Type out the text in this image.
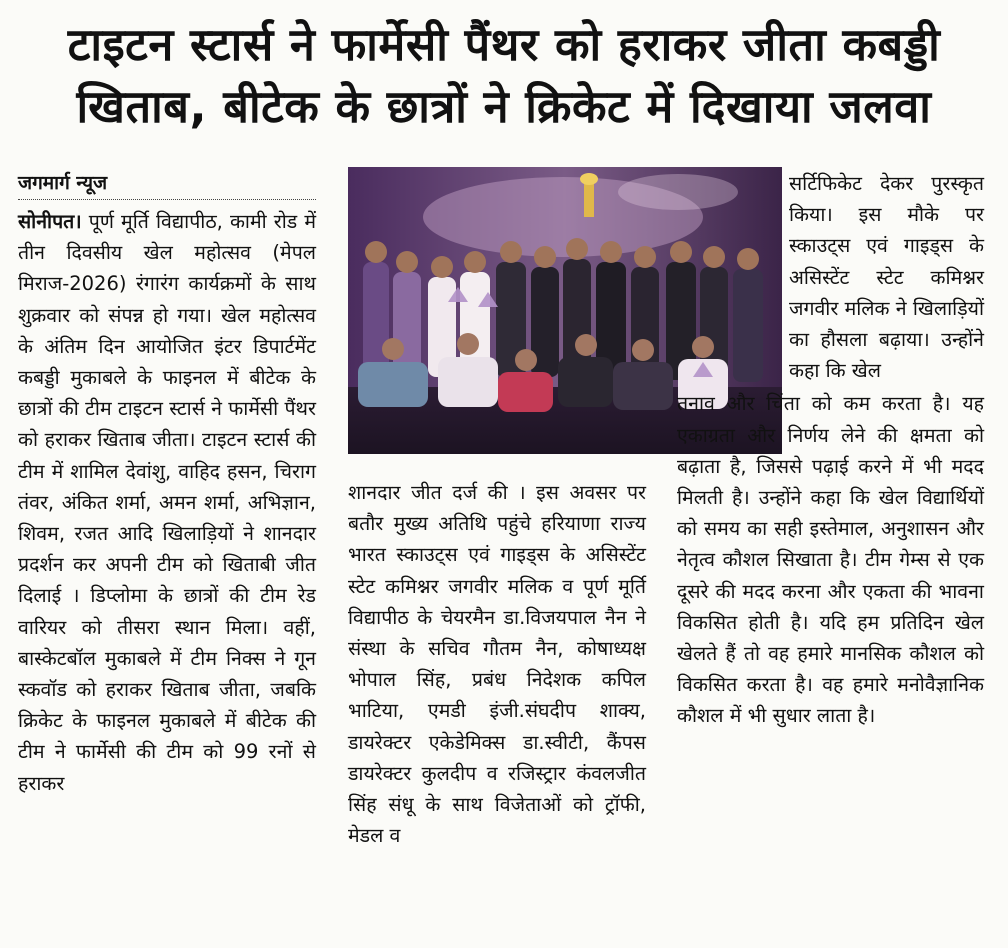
टाइटन स्टार्स ने फार्मेसी पैंथर को हराकर जीता कबड्डी
खिताब, बीटेक के छात्रों ने क्रिकेट में दिखाया जलवा
जगमार्ग न्यूज
सोनीपत। पूर्ण मूर्ति विद्यापीठ, कामी रोड में तीन दिवसीय खेल महोत्सव (मेपल मिराज-2026) रंगारंग कार्यक्रमों के साथ शुक्रवार को संपन्न हो गया। खेल महोत्सव के अंतिम दिन आयोजित इंटर डिपार्टमेंट कबड्डी मुकाबले के फाइनल में बीटेक के छात्रों की टीम टाइटन स्टार्स ने फार्मेसी पैंथर को हराकर खिताब जीता। टाइटन स्टार्स की टीम में शामिल देवांशु, वाहिद हसन, चिराग तंवर, अंकित शर्मा, अमन शर्मा, अभिज्ञान, शिवम, रजत आदि खिलाड़ियों ने शानदार प्रदर्शन कर अपनी टीम को खिताबी जीत दिलाई । डिप्लोमा के छात्रों की टीम रेड वारियर को तीसरा स्थान मिला। वहीं, बास्केटबॉल मुकाबले में टीम निक्स ने गून स्कवॉड को हराकर खिताब जीता, जबकि क्रिकेट के फाइनल मुकाबले में बीटेक की टीम ने फार्मेसी की टीम को 99 रनों से हराकर
शानदार जीत दर्ज की । इस अवसर पर बतौर मुख्य अतिथि पहुंचे हरियाणा राज्य भारत स्काउट्स एवं गाइड्स के असिस्टेंट स्टेट कमिश्नर जगवीर मलिक व पूर्ण मूर्ति विद्यापीठ के चेयरमैन डा.विजयपाल नैन ने संस्था के सचिव गौतम नैन, कोषाध्यक्ष भोपाल सिंह, प्रबंध निदेशक कपिल भाटिया, एमडी इंजी.संघदीप शाक्य, डायरेक्टर एकेडेमिक्स डा.स्वीटी, कैंपस डायरेक्टर कुलदीप व रजिस्ट्रार कंवलजीत सिंह संधू के साथ विजेताओं को ट्रॉफी, मेडल व
सर्टिफिकेट देकर पुरस्कृत किया। इस मौके पर स्काउट्स एवं गाइड्स के असिस्टेंट स्टेट कमिश्नर जगवीर मलिक ने खिलाड़ियों का हौसला बढ़ाया। उन्होंने कहा कि खेल
तनाव और चिंता को कम करता है। यह एकाग्रता और निर्णय लेने की क्षमता को बढ़ाता है, जिससे पढ़ाई करने में भी मदद मिलती है। उन्होंने कहा कि खेल विद्यार्थियों को समय का सही इस्तेमाल, अनुशासन और नेतृत्व कौशल सिखाता है। टीम गेम्स से एक दूसरे की मदद करना और एकता की भावना विकसित होती है। यदि हम प्रतिदिन खेल खेलते हैं तो वह हमारे मानसिक कौशल को विकसित करता है। वह हमारे मनोवैज्ञानिक कौशल में भी सुधार लाता है।
